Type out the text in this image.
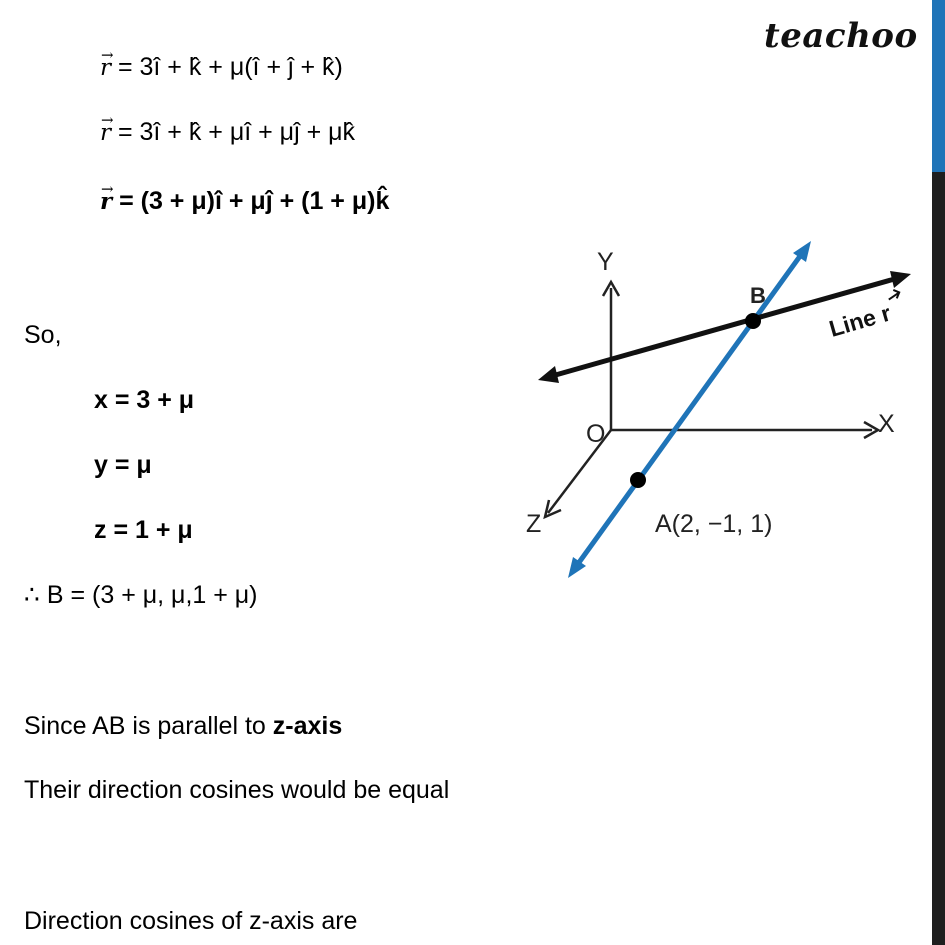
teachoo
→ r = 3î + k̂ + μ(î + ĵ + k̂)
→ r = 3î + k̂ + μî + μĵ + μk̂
→ r = (3 + μ)î + μĵ + (1 + μ)k̂
So,
x = 3 + μ
y = μ
z = 1 + μ
∴ B = (3 + μ, μ,1 + μ)
Since AB is parallel to z-axis
Their direction cosines would be equal
Direction cosines of z-axis are
Y
X
Z
O
B
A(2, −1, 1)
Line r
